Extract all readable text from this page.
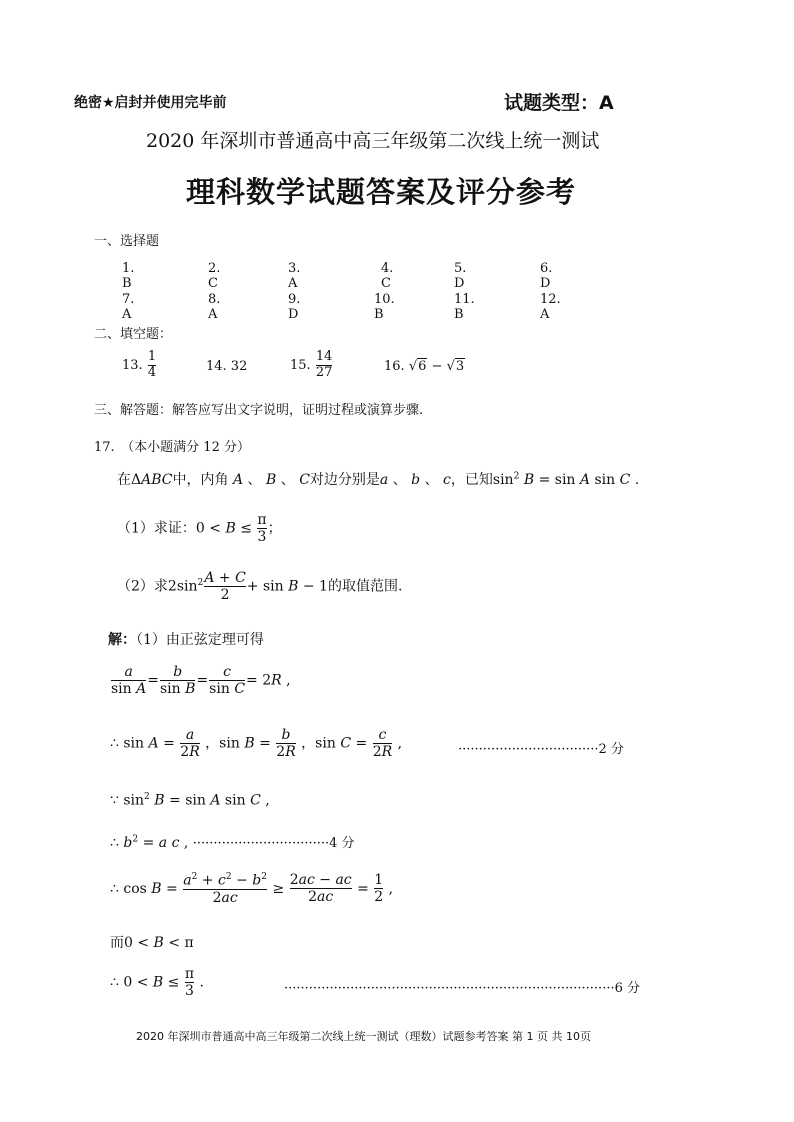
绝密★启封并使用完毕前	试题类型：A
2020 年深圳市普通高中高三年级第二次线上统一测试
理科数学试题答案及评分参考
一、选择题
1. B
2. C
3. A
4. C
5. D
6. D
7. A
8. A
9. D
10. B
11. B
12. A
二、填空题：
13. $\frac{1}{4}$	14. 32	15. $\frac{14}{27}$	16. √6 − √3
三、解答题：解答应写出文字说明，证明过程或演算步骤.
17.　（本小题满分 12 分）
在ΔABC中，内角 A 、 B 、 C对边分别是a 、 b 、 c，已知$\sin^2 B = \sin A$ sin C .
（1）求证：$0 < B \le \frac{\pi}{3}$ ；
（2）求$2\sin^2 \frac{A + C}{2} + \sin B - 1$的取值范围.
解：（1）由正弦定理可得
$\frac{a}{\text{sin A}} = \frac{b}{\text{sin B}} = \frac{c}{\text{sin C}} = 2R$ ,
∴ $\sin A = \frac{a}{2R}$ ，$\sin B = \frac{b}{2R}$ ，$\sin C = \frac{c}{2R}$ ,	··································2 分
∵ $\sin^2 B = \sin A$ sin C ,
∴ $b^2 = a$ c , ·································4 分
∴ $\cos B = \frac{a^2 + c^2 - b^2}{2ac} \ge \frac{2ac - ac}{2ac} = \frac{1}{2}$ ,
而0 < B < π
∴ $0 < B \le \frac{\pi}{3}$ .	················································································6 分
2020 年深圳市普通高中高三年级第二次线上统一测试（理数）试题参考答案 第 1 页 共 10页
